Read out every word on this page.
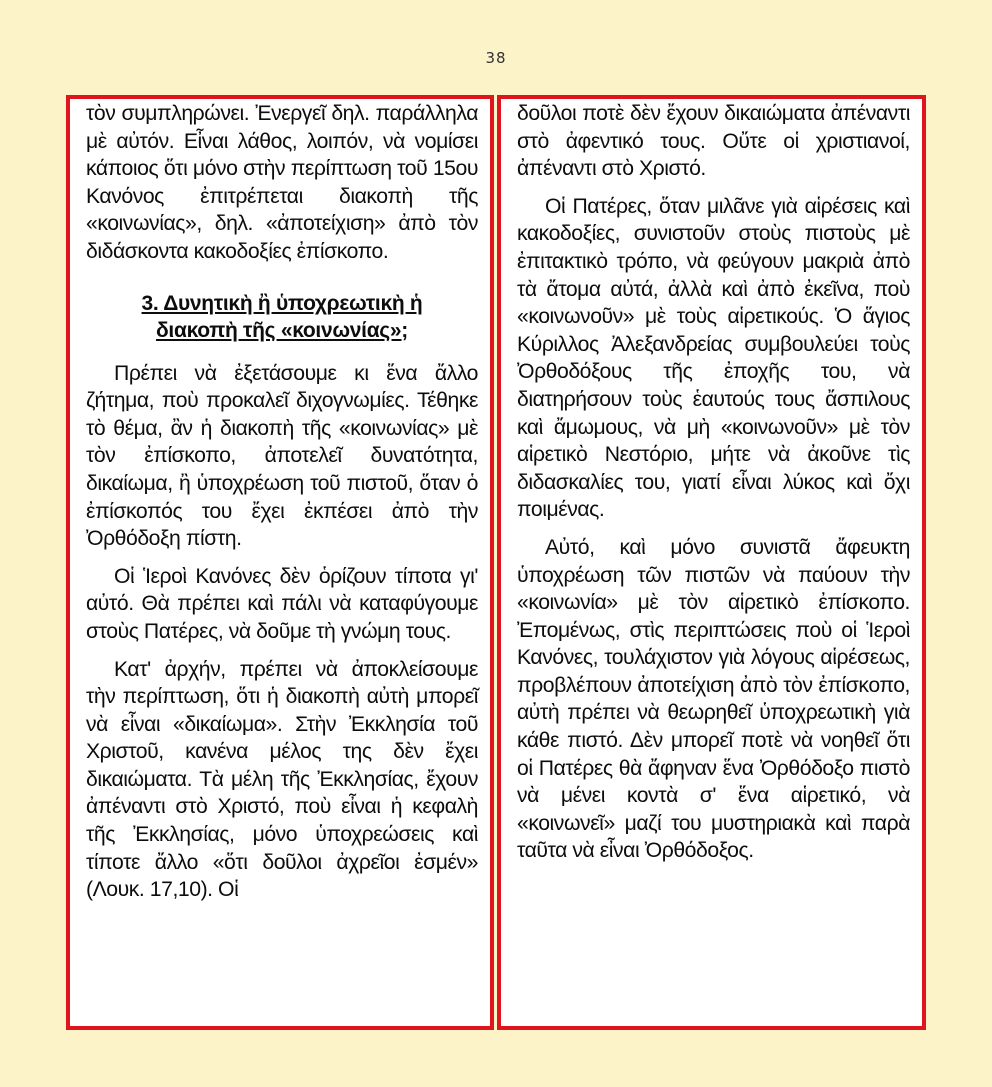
38

τὸν συμπληρώνει. Ἐνεργεῖ δηλ. παράλληλα μὲ αὐτόν. Εἶναι λάθος, λοιπόν, νὰ νομίσει κάποιος ὅτι μόνο στὴν περίπτωση τοῦ 15ου Κανόνος ἐπιτρέπεται διακοπὴ τῆς «κοινωνίας», δηλ. «ἀποτείχιση» ἀπὸ τὸν διδάσκοντα κακοδοξίες ἐπίσκοπο.

3. Δυνητικὴ ἢ ὑποχρεωτικὴ ἡ
διακοπὴ τῆς «κοινωνίας»;

Πρέπει νὰ ἐξετάσουμε κι ἕνα ἄλλο ζήτημα, ποὺ προκαλεῖ διχογνωμίες. Τέθηκε τὸ θέμα, ἂν ἡ διακοπὴ τῆς «κοινωνίας» μὲ τὸν ἐπίσκοπο, ἀποτελεῖ δυνατότητα, δικαίωμα, ἢ ὑποχρέωση τοῦ πιστοῦ, ὅταν ὁ ἐπίσκοπός του ἔχει ἐκπέσει ἀπὸ τὴν Ὀρθόδοξη πίστη.

Οἱ Ἱεροὶ Κανόνες δὲν ὁρίζουν τίποτα γι' αὐτό. Θὰ πρέπει καὶ πάλι νὰ καταφύγουμε στοὺς Πατέρες, νὰ δοῦμε τὴ γνώμη τους.

Κατ' ἀρχήν, πρέπει νὰ ἀποκλείσουμε τὴν περίπτωση, ὅτι ἡ διακοπὴ αὐτὴ μπορεῖ νὰ εἶναι «δικαίωμα». Στὴν Ἐκκλησία τοῦ Χριστοῦ, κανένα μέλος της δὲν ἔχει δικαιώματα. Τὰ μέλη τῆς Ἐκκλησίας, ἔχουν ἀπέναντι στὸ Χριστό, ποὺ εἶναι ἡ κεφαλὴ τῆς Ἐκκλησίας, μόνο ὑποχρεώσεις καὶ τίποτε ἄλλο «ὅτι δοῦλοι ἀχρεῖοι ἐσμέν» (Λουκ. 17,10). Οἱ

δοῦλοι ποτὲ δὲν ἔχουν δικαιώματα ἀπέναντι στὸ ἀφεντικό τους. Οὔτε οἱ χριστιανοί, ἀπέναντι στὸ Χριστό.

Οἱ Πατέρες, ὅταν μιλᾶνε γιὰ αἱρέσεις καὶ κακοδοξίες, συνιστοῦν στοὺς πιστοὺς μὲ ἐπιτακτικὸ τρόπο, νὰ φεύγουν μακριὰ ἀπὸ τὰ ἄτομα αὐτά, ἀλλὰ καὶ ἀπὸ ἐκεῖνα, ποὺ «κοινωνοῦν» μὲ τοὺς αἱρετικούς. Ὁ ἅγιος Κύριλλος Ἀλεξανδρείας συμβουλεύει τοὺς Ὀρθοδόξους τῆς ἐποχῆς του, νὰ διατηρήσουν τοὺς ἑαυτούς τους ἄσπιλους καὶ ἄμωμους, νὰ μὴ «κοινωνοῦν» μὲ τὸν αἱρετικὸ Νεστόριο, μήτε νὰ ἀκοῦνε τὶς διδασκαλίες του, γιατί εἶναι λύκος καὶ ὄχι ποιμένας.

Αὐτό, καὶ μόνο συνιστᾶ ἄφευκτη ὑποχρέωση τῶν πιστῶν νὰ παύουν τὴν «κοινωνία» μὲ τὸν αἱρετικὸ ἐπίσκοπο. Ἐπομένως, στὶς περιπτώσεις ποὺ οἱ Ἱεροὶ Κανόνες, τουλάχιστον γιὰ λόγους αἱρέσεως, προβλέπουν ἀποτείχιση ἀπὸ τὸν ἐπίσκοπο, αὐτὴ πρέπει νὰ θεωρηθεῖ ὑποχρεωτικὴ γιὰ κάθε πιστό. Δὲν μπορεῖ ποτὲ νὰ νοηθεῖ ὅτι οἱ Πατέρες θὰ ἄφηναν ἕνα Ὀρθόδοξο πιστὸ νὰ μένει κοντὰ σ' ἕνα αἱρετικό, νὰ «κοινωνεῖ» μαζί του μυστηριακὰ καὶ παρὰ ταῦτα νὰ εἶναι Ὀρθόδοξος.
